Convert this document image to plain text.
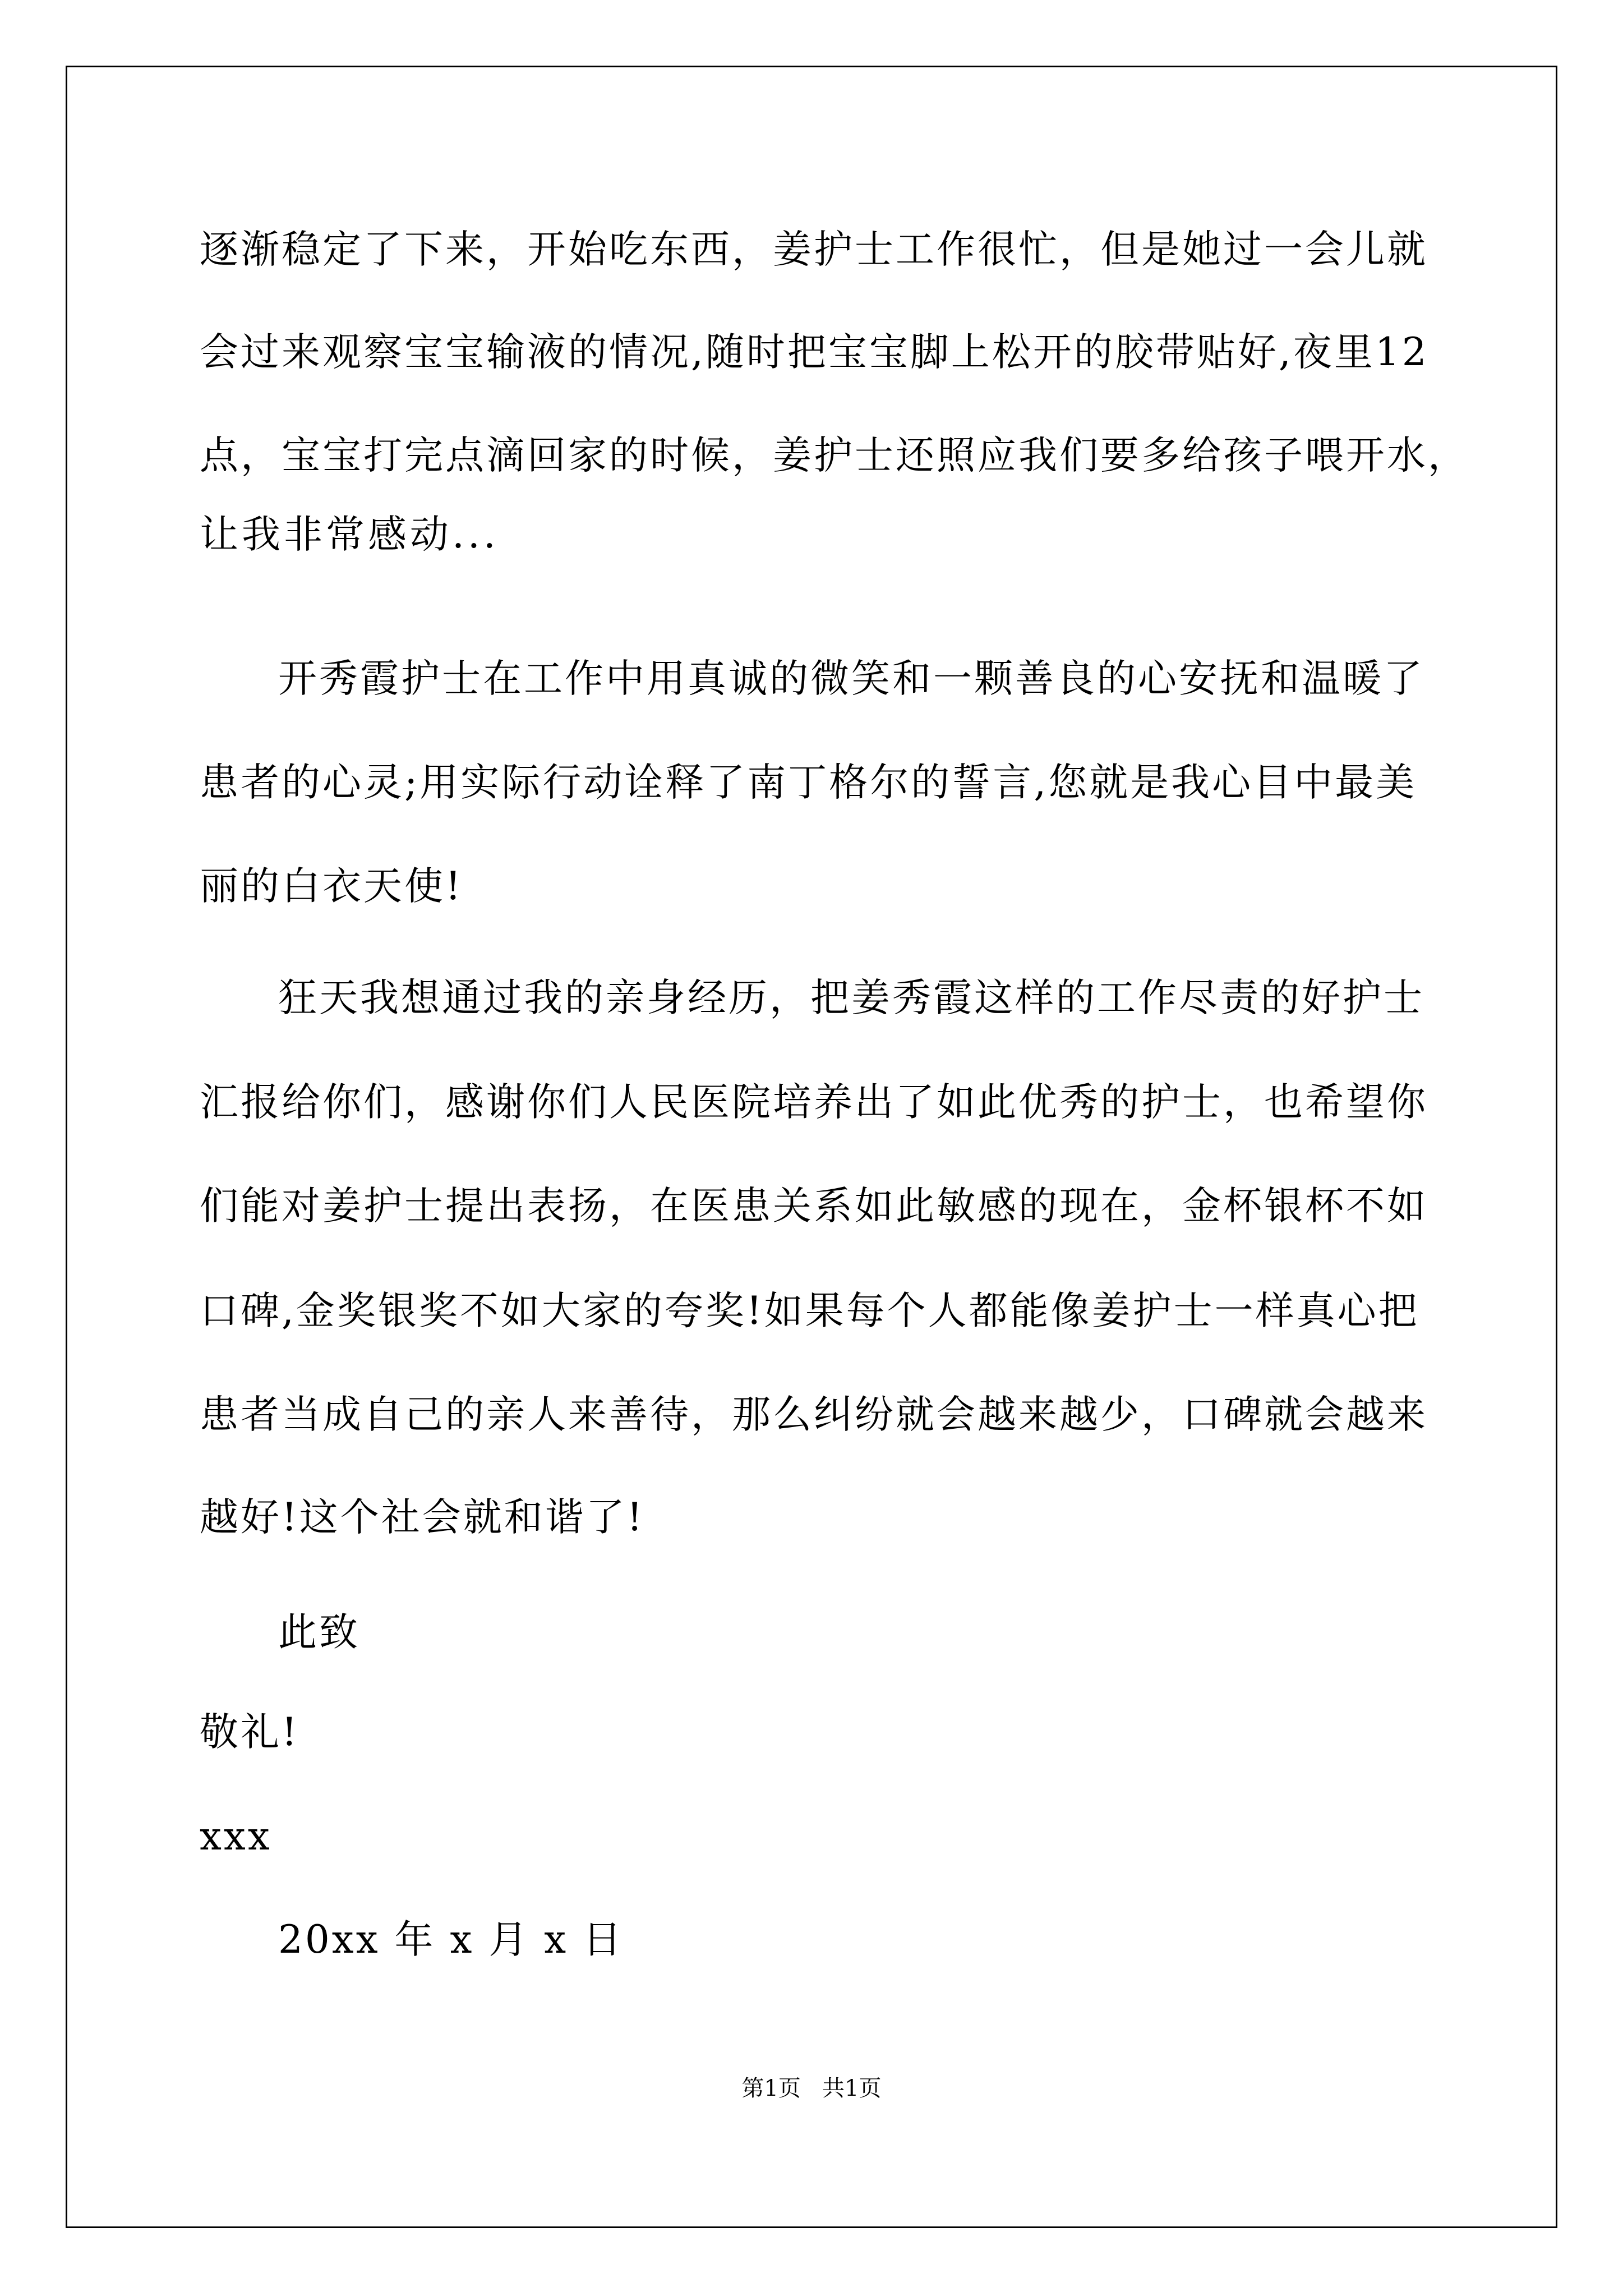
逐渐稳定了下来，开始吃东西，姜护士工作很忙，但是她过一会儿就

会过来观察宝宝输液的情况,随时把宝宝脚上松开的胶带贴好,夜里12

点，宝宝打完点滴回家的时候，姜护士还照应我们要多给孩子喂开水，

让我非常感动...

开秀霞护士在工作中用真诚的微笑和一颗善良的心安抚和温暖了

患者的心灵;用实际行动诠释了南丁格尔的誓言,您就是我心目中最美

丽的白衣天使!

狂天我想通过我的亲身经历，把姜秀霞这样的工作尽责的好护士

汇报给你们，感谢你们人民医院培养出了如此优秀的护士，也希望你

们能对姜护士提出表扬，在医患关系如此敏感的现在，金杯银杯不如

口碑,金奖银奖不如大家的夸奖!如果每个人都能像姜护士一样真心把

患者当成自己的亲人来善待，那么纠纷就会越来越少，口碑就会越来

越好!这个社会就和谐了!

此致

敬礼!

xxx

20xx 年 x 月 x 日

第1页   共1页
